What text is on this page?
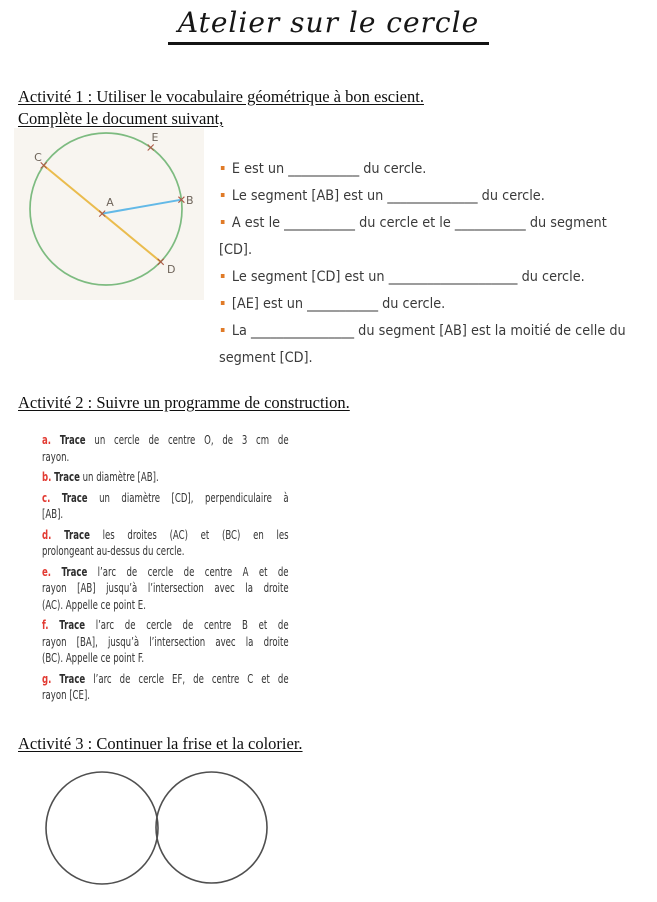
Atelier sur le cercle
Activité 1 : Utiliser le vocabulaire géométrique à bon escient.
Complète le document suivant,
C
E
A	B
D
E est un ___________ du cercle.
Le segment [AB] est un ______________ du cercle.
A est le ___________ du cercle et le ___________ du segment
[CD].
Le segment [CD] est un ____________________ du cercle.
[AE] est un ___________ du cercle.
La ________________ du segment [AB] est la moitié de celle du
segment [CD].
Activité 2 : Suivre un programme de construction.
a. Trace un cercle de centre O, de 3 cm de
rayon.
b. Trace un diamètre [AB].
c. Trace un diamètre [CD], perpendiculaire à
[AB].
d. Trace les droites (AC) et (BC) en les
prolongeant au-dessus du cercle.
e. Trace l’arc de cercle de centre A et de
rayon [AB] jusqu’à l’intersection avec la droite
(AC). Appelle ce point E.
f. Trace l’arc de cercle de centre B et de
rayon [BA], jusqu’à l’intersection avec la droite
(BC). Appelle ce point F.
g. Trace l’arc de cercle EF, de centre C et de
rayon [CE].
Activité 3 : Continuer la frise et la colorier.
